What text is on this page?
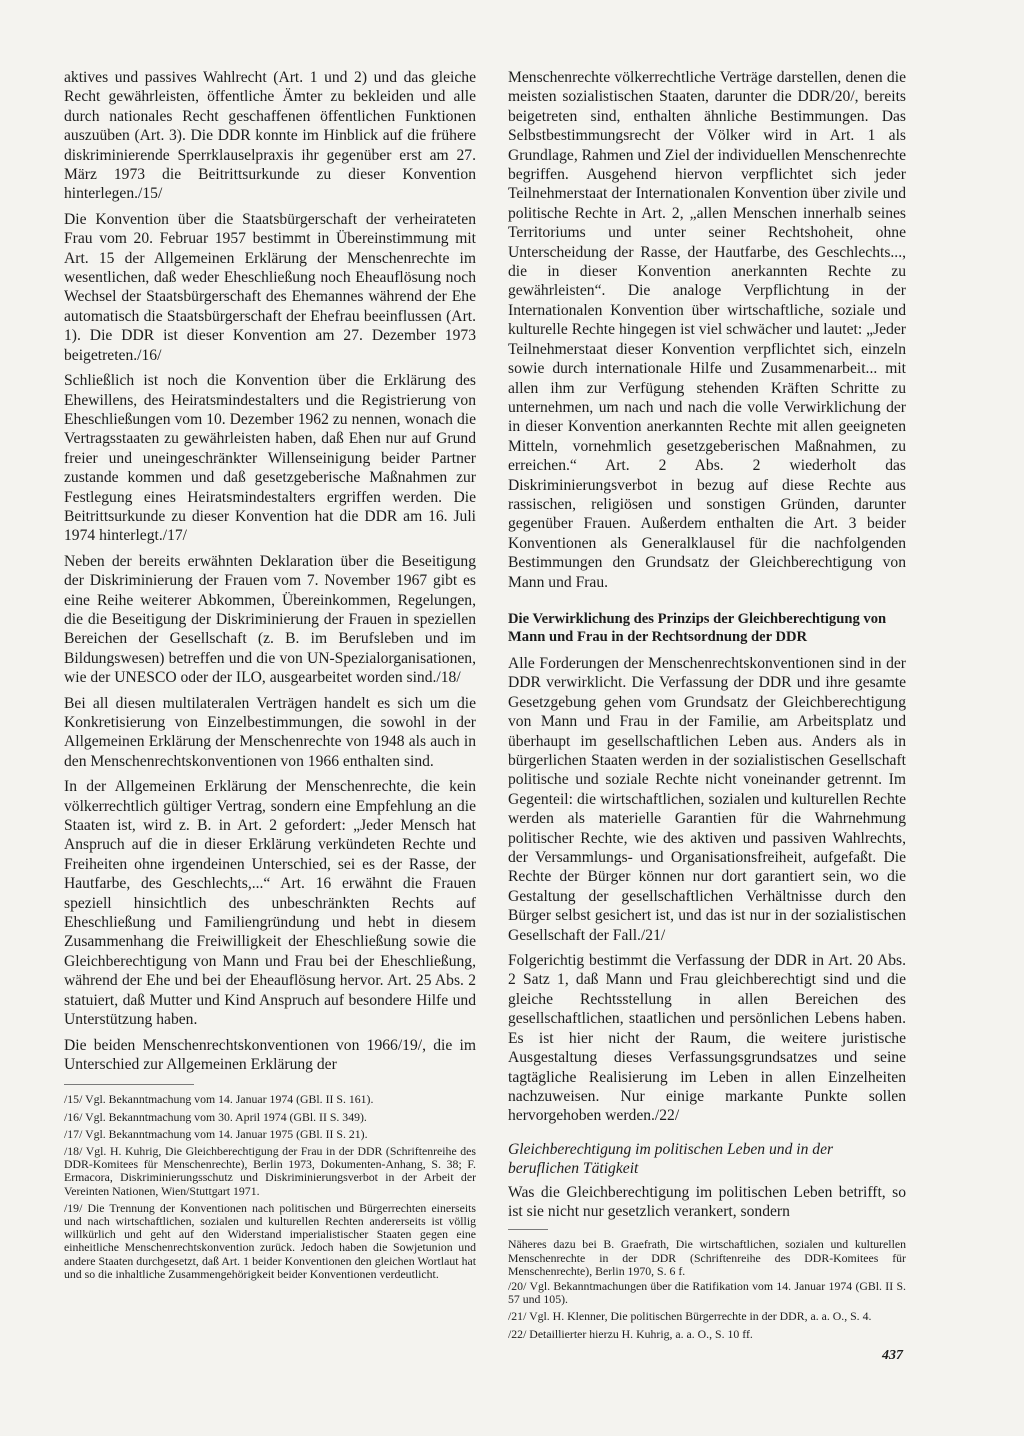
aktives und passives Wahlrecht (Art. 1 und 2) und das gleiche Recht gewährleisten, öffentliche Ämter zu bekleiden und alle durch nationales Recht geschaffenen öffentlichen Funktionen auszuüben (Art. 3). Die DDR konnte im Hinblick auf die frühere diskriminierende Sperrklauselpraxis ihr gegenüber erst am 27. März 1973 die Beitrittsurkunde zu dieser Konvention hinterlegen./15/

Die Konvention über die Staatsbürgerschaft der verheirateten Frau vom 20. Februar 1957 bestimmt in Übereinstimmung mit Art. 15 der Allgemeinen Erklärung der Menschenrechte im wesentlichen, daß weder Eheschließung noch Eheauflösung noch Wechsel der Staatsbürgerschaft des Ehemannes während der Ehe automatisch die Staatsbürgerschaft der Ehefrau beeinflussen (Art. 1). Die DDR ist dieser Konvention am 27. Dezember 1973 beigetreten./16/

Schließlich ist noch die Konvention über die Erklärung des Ehewillens, des Heiratsmindestalters und die Registrierung von Eheschließungen vom 10. Dezember 1962 zu nennen, wonach die Vertragsstaaten zu gewährleisten haben, daß Ehen nur auf Grund freier und uneingeschränkter Willenseinigung beider Partner zustande kommen und daß gesetzgeberische Maßnahmen zur Festlegung eines Heiratsmindestalters ergriffen werden. Die Beitrittsurkunde zu dieser Konvention hat die DDR am 16. Juli 1974 hinterlegt./17/

Neben der bereits erwähnten Deklaration über die Beseitigung der Diskriminierung der Frauen vom 7. November 1967 gibt es eine Reihe weiterer Abkommen, Übereinkommen, Regelungen, die die Beseitigung der Diskriminierung der Frauen in speziellen Bereichen der Gesellschaft (z. B. im Berufsleben und im Bildungswesen) betreffen und die von UN-Spezialorganisationen, wie der UNESCO oder der ILO, ausgearbeitet worden sind./18/

Bei all diesen multilateralen Verträgen handelt es sich um die Konkretisierung von Einzelbestimmungen, die sowohl in der Allgemeinen Erklärung der Menschenrechte von 1948 als auch in den Menschenrechtskonventionen von 1966 enthalten sind.

In der Allgemeinen Erklärung der Menschenrechte, die kein völkerrechtlich gültiger Vertrag, sondern eine Empfehlung an die Staaten ist, wird z. B. in Art. 2 gefordert: „Jeder Mensch hat Anspruch auf die in dieser Erklärung verkündeten Rechte und Freiheiten ohne irgendeinen Unterschied, sei es der Rasse, der Hautfarbe, des Geschlechts,...“ Art. 16 erwähnt die Frauen speziell hinsichtlich des unbeschränkten Rechts auf Eheschließung und Familiengründung und hebt in diesem Zusammenhang die Freiwilligkeit der Eheschließung sowie die Gleichberechtigung von Mann und Frau bei der Eheschließung, während der Ehe und bei der Eheauflösung hervor. Art. 25 Abs. 2 statuiert, daß Mutter und Kind Anspruch auf besondere Hilfe und Unterstützung haben.

Die beiden Menschenrechtskonventionen von 1966/19/, die im Unterschied zur Allgemeinen Erklärung der

/15/ Vgl. Bekanntmachung vom 14. Januar 1974 (GBl. II S. 161).

/16/ Vgl. Bekanntmachung vom 30. April 1974 (GBl. II S. 349).

/17/ Vgl. Bekanntmachung vom 14. Januar 1975 (GBl. II S. 21).

/18/ Vgl. H. Kuhrig, Die Gleichberechtigung der Frau in der DDR (Schriftenreihe des DDR-Komitees für Menschenrechte), Berlin 1973, Dokumenten-Anhang, S. 38; F. Ermacora, Diskriminierungsschutz und Diskriminierungsverbot in der Arbeit der Vereinten Nationen, Wien/Stuttgart 1971.

/19/ Die Trennung der Konventionen nach politischen und Bürgerrechten einerseits und nach wirtschaftlichen, sozialen und kulturellen Rechten andererseits ist völlig willkürlich und geht auf den Widerstand imperialistischer Staaten gegen eine einheitliche Menschenrechtskonvention zurück. Jedoch haben die Sowjetunion und andere Staaten durchgesetzt, daß Art. 1 beider Konventionen den gleichen Wortlaut hat und so die inhaltliche Zusammengehörigkeit beider Konventionen verdeutlicht.

Menschenrechte völkerrechtliche Verträge darstellen, denen die meisten sozialistischen Staaten, darunter die DDR/20/, bereits beigetreten sind, enthalten ähnliche Bestimmungen. Das Selbstbestimmungsrecht der Völker wird in Art. 1 als Grundlage, Rahmen und Ziel der individuellen Menschenrechte begriffen. Ausgehend hiervon verpflichtet sich jeder Teilnehmerstaat der Internationalen Konvention über zivile und politische Rechte in Art. 2, „allen Menschen innerhalb seines Territoriums und unter seiner Rechtshoheit, ohne Unterscheidung der Rasse, der Hautfarbe, des Geschlechts..., die in dieser Konvention anerkannten Rechte zu gewährleisten“. Die analoge Verpflichtung in der Internationalen Konvention über wirtschaftliche, soziale und kulturelle Rechte hingegen ist viel schwächer und lautet: „Jeder Teilnehmerstaat dieser Konvention verpflichtet sich, einzeln sowie durch internationale Hilfe und Zusammenarbeit... mit allen ihm zur Verfügung stehenden Kräften Schritte zu unternehmen, um nach und nach die volle Verwirklichung der in dieser Konvention anerkannten Rechte mit allen geeigneten Mitteln, vornehmlich gesetzgeberischen Maßnahmen, zu erreichen.“ Art. 2 Abs. 2 wiederholt das Diskriminierungsverbot in bezug auf diese Rechte aus rassischen, religiösen und sonstigen Gründen, darunter gegenüber Frauen. Außerdem enthalten die Art. 3 beider Konventionen als Generalklausel für die nachfolgenden Bestimmungen den Grundsatz der Gleichberechtigung von Mann und Frau.

Die Verwirklichung des Prinzips der Gleichberechtigung von Mann und Frau in der Rechtsordnung der DDR

Alle Forderungen der Menschenrechtskonventionen sind in der DDR verwirklicht. Die Verfassung der DDR und ihre gesamte Gesetzgebung gehen vom Grundsatz der Gleichberechtigung von Mann und Frau in der Familie, am Arbeitsplatz und überhaupt im gesellschaftlichen Leben aus. Anders als in bürgerlichen Staaten werden in der sozialistischen Gesellschaft politische und soziale Rechte nicht voneinander getrennt. Im Gegenteil: die wirtschaftlichen, sozialen und kulturellen Rechte werden als materielle Garantien für die Wahrnehmung politischer Rechte, wie des aktiven und passiven Wahlrechts, der Versammlungs- und Organisationsfreiheit, aufgefaßt. Die Rechte der Bürger können nur dort garantiert sein, wo die Gestaltung der gesellschaftlichen Verhältnisse durch den Bürger selbst gesichert ist, und das ist nur in der sozialistischen Gesellschaft der Fall./21/

Folgerichtig bestimmt die Verfassung der DDR in Art. 20 Abs. 2 Satz 1, daß Mann und Frau gleichberechtigt sind und die gleiche Rechtsstellung in allen Bereichen des gesellschaftlichen, staatlichen und persönlichen Lebens haben. Es ist hier nicht der Raum, die weitere juristische Ausgestaltung dieses Verfassungsgrundsatzes und seine tagtägliche Realisierung im Leben in allen Einzelheiten nachzuweisen. Nur einige markante Punkte sollen hervorgehoben werden./22/

Gleichberechtigung im politischen Leben und in der beruflichen Tätigkeit

Was die Gleichberechtigung im politischen Leben betrifft, so ist sie nicht nur gesetzlich verankert, sondern

Näheres dazu bei B. Graefrath, Die wirtschaftlichen, sozialen und kulturellen Menschenrechte in der DDR (Schriftenreihe des DDR-Komitees für Menschenrechte), Berlin 1970, S. 6 f.

/20/ Vgl. Bekanntmachungen über die Ratifikation vom 14. Januar 1974 (GBl. II S. 57 und 105).

/21/ Vgl. H. Klenner, Die politischen Bürgerrechte in der DDR, a. a. O., S. 4.

/22/ Detaillierter hierzu H. Kuhrig, a. a. O., S. 10 ff.

437
